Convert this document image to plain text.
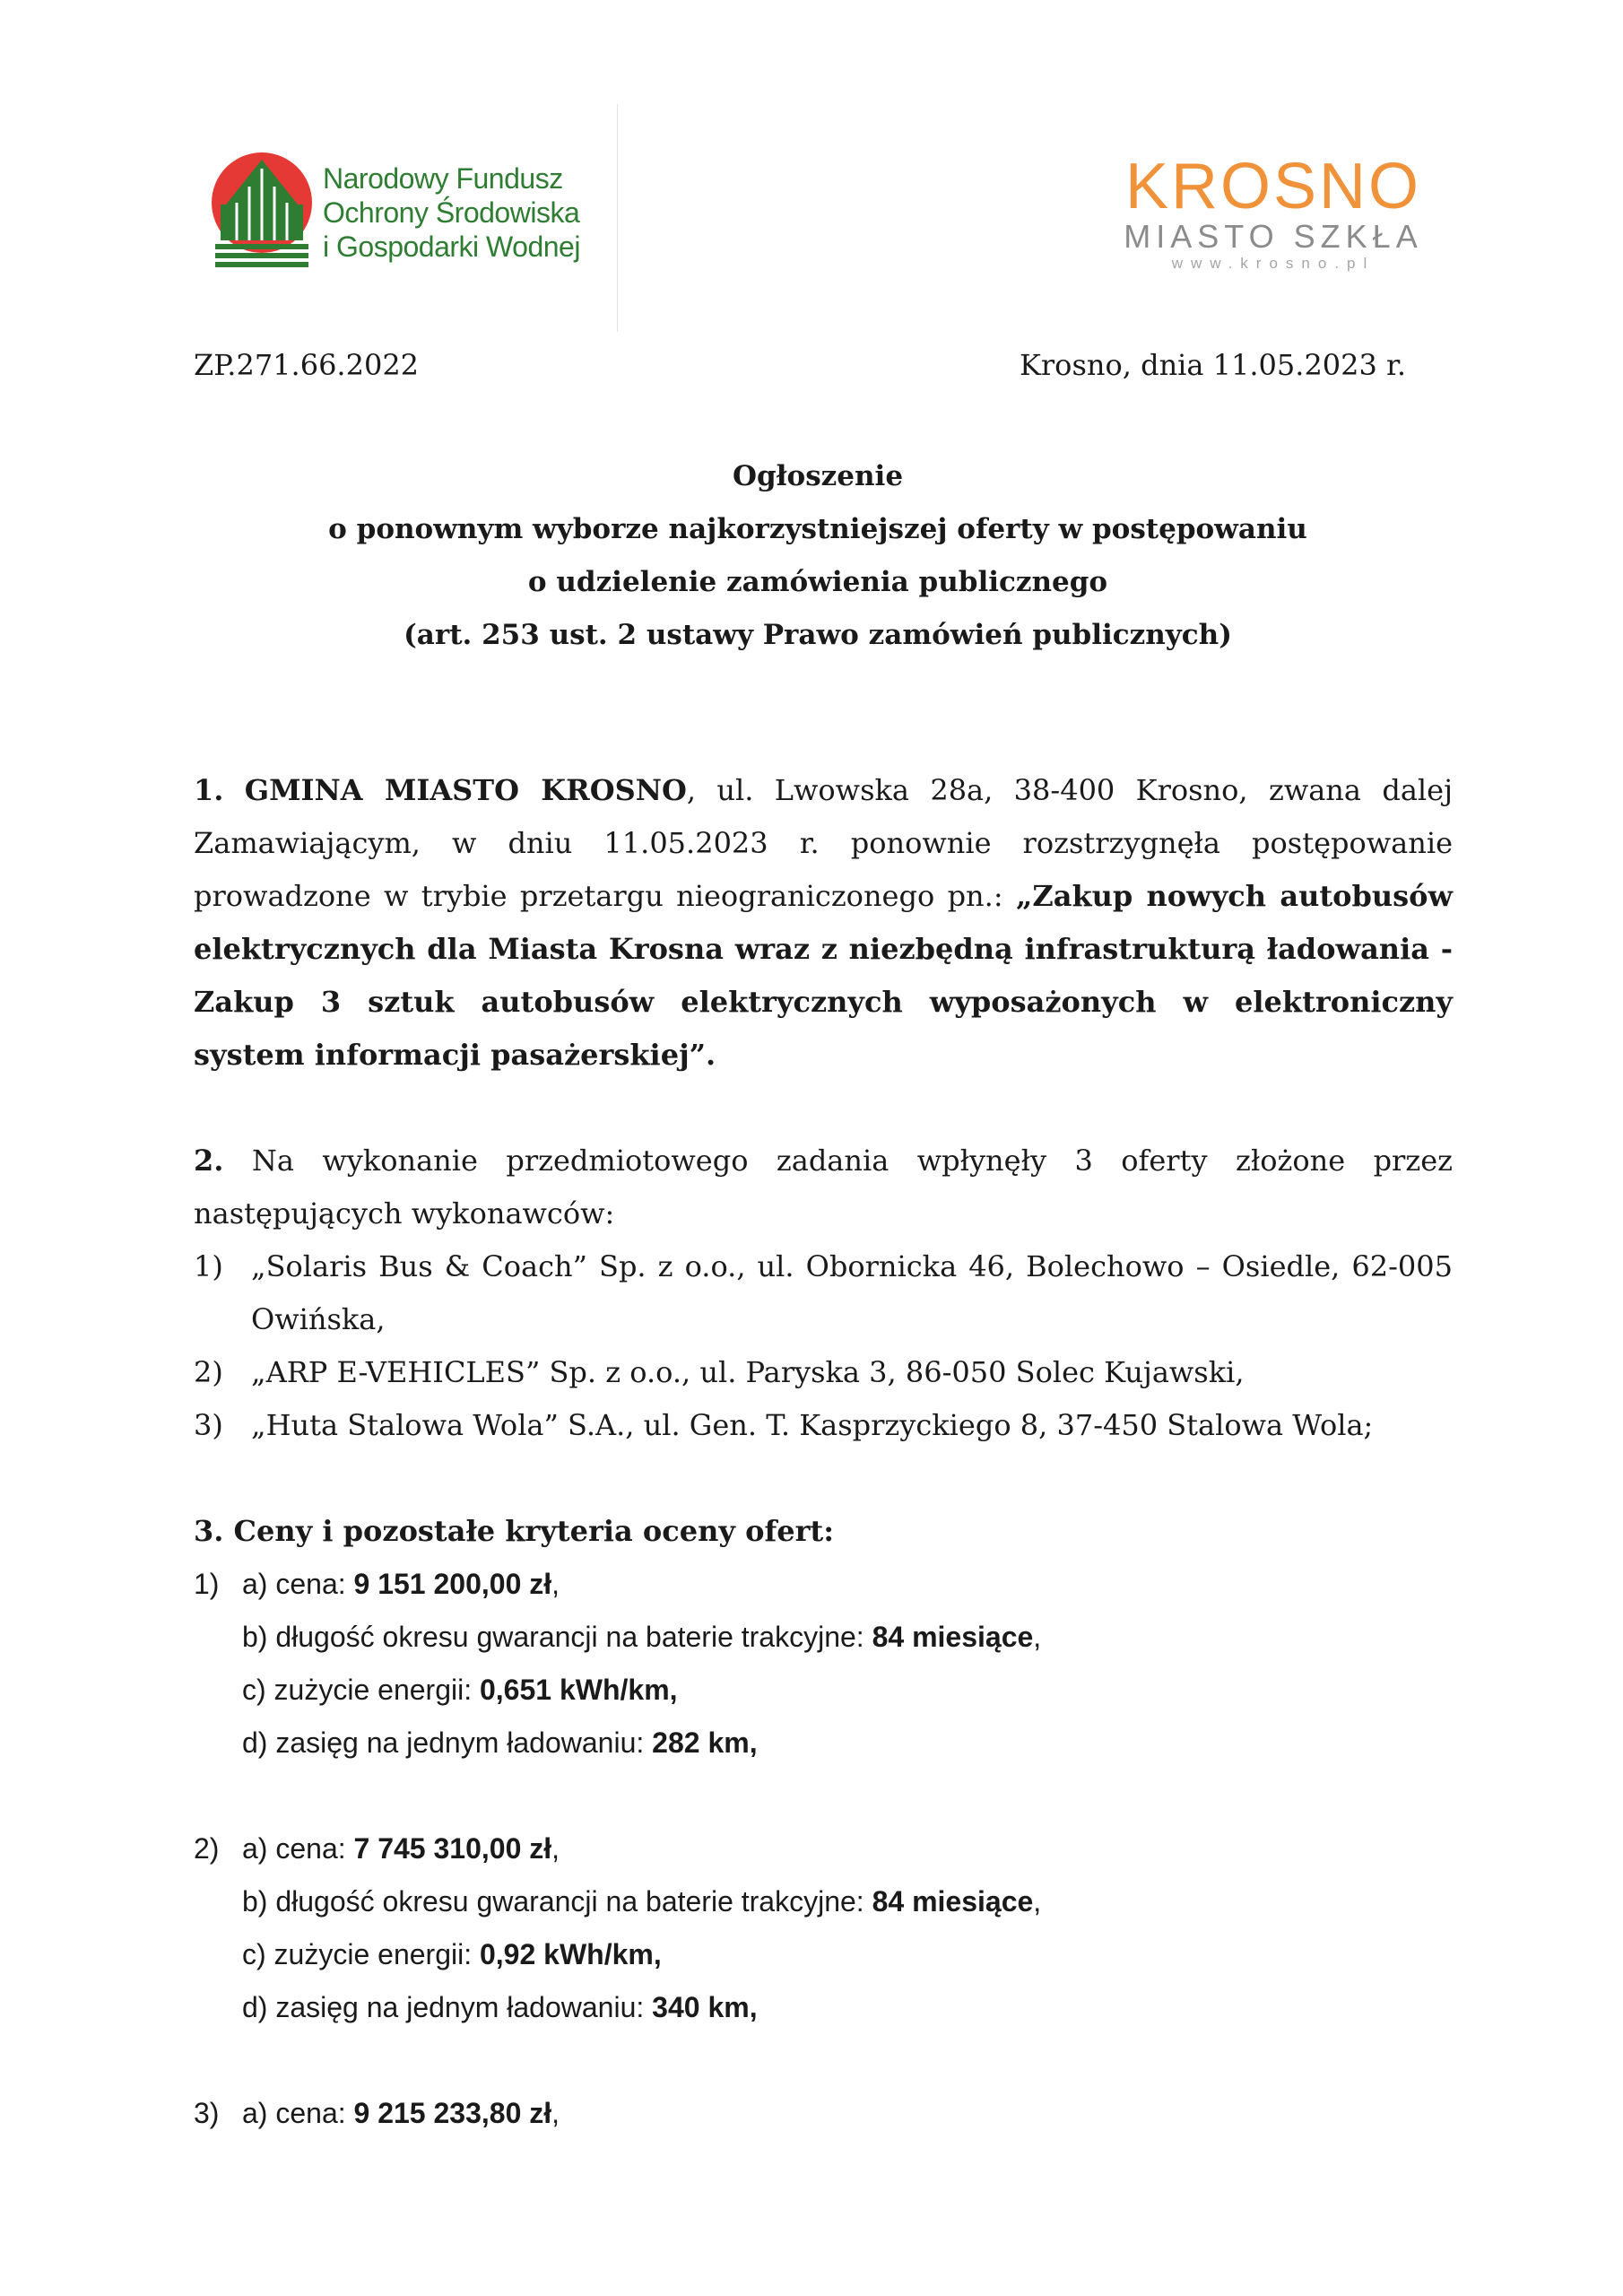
Narodowy Fundusz
Ochrony Środowiska
i Gospodarki Wodnej
KROSNO
MIASTO SZKŁA
www.krosno.pl
ZP.271.66.2022	Krosno, dnia 11.05.2023 r.
Ogłoszenie
o ponownym wyborze najkorzystniejszej oferty w postępowaniu
o udzielenie zamówienia publicznego
(art. 253 ust. 2 ustawy Prawo zamówień publicznych)

1. GMINA MIASTO KROSNO, ul. Lwowska 28a, 38-400 Krosno, zwana dalej Zamawiającym, w dniu 11.05.2023 r. ponownie rozstrzygnęła postępowanie prowadzone w trybie przetargu nieograniczonego pn.: „Zakup nowych autobusów elektrycznych dla Miasta Krosna wraz z niezbędną infrastrukturą ładowania - Zakup 3 sztuk autobusów elektrycznych wyposażonych w elektroniczny system informacji pasażerskiej”.

2. Na wykonanie przedmiotowego zadania wpłynęły 3 oferty złożone przez następujących wykonawców:

1) „Solaris Bus & Coach” Sp. z o.o., ul. Obornicka 46, Bolechowo – Osiedle, 62-005 Owińska,
2) „ARP E-VEHICLES” Sp. z o.o., ul. Paryska 3, 86-050 Solec Kujawski,
3) „Huta Stalowa Wola” S.A., ul. Gen. T. Kasprzyckiego 8, 37-450 Stalowa Wola;
3. Ceny i pozostałe kryteria oceny ofert:
1) a) cena: 9 151 200,00 zł,
b) długość okresu gwarancji na baterie trakcyjne: 84 miesiące,
c) zużycie energii: 0,651 kWh/km,
d) zasięg na jednym ładowaniu: 282 km,
2) a) cena: 7 745 310,00 zł,
b) długość okresu gwarancji na baterie trakcyjne: 84 miesiące,
c) zużycie energii: 0,92 kWh/km,
d) zasięg na jednym ładowaniu: 340 km,
3) a) cena: 9 215 233,80 zł,
